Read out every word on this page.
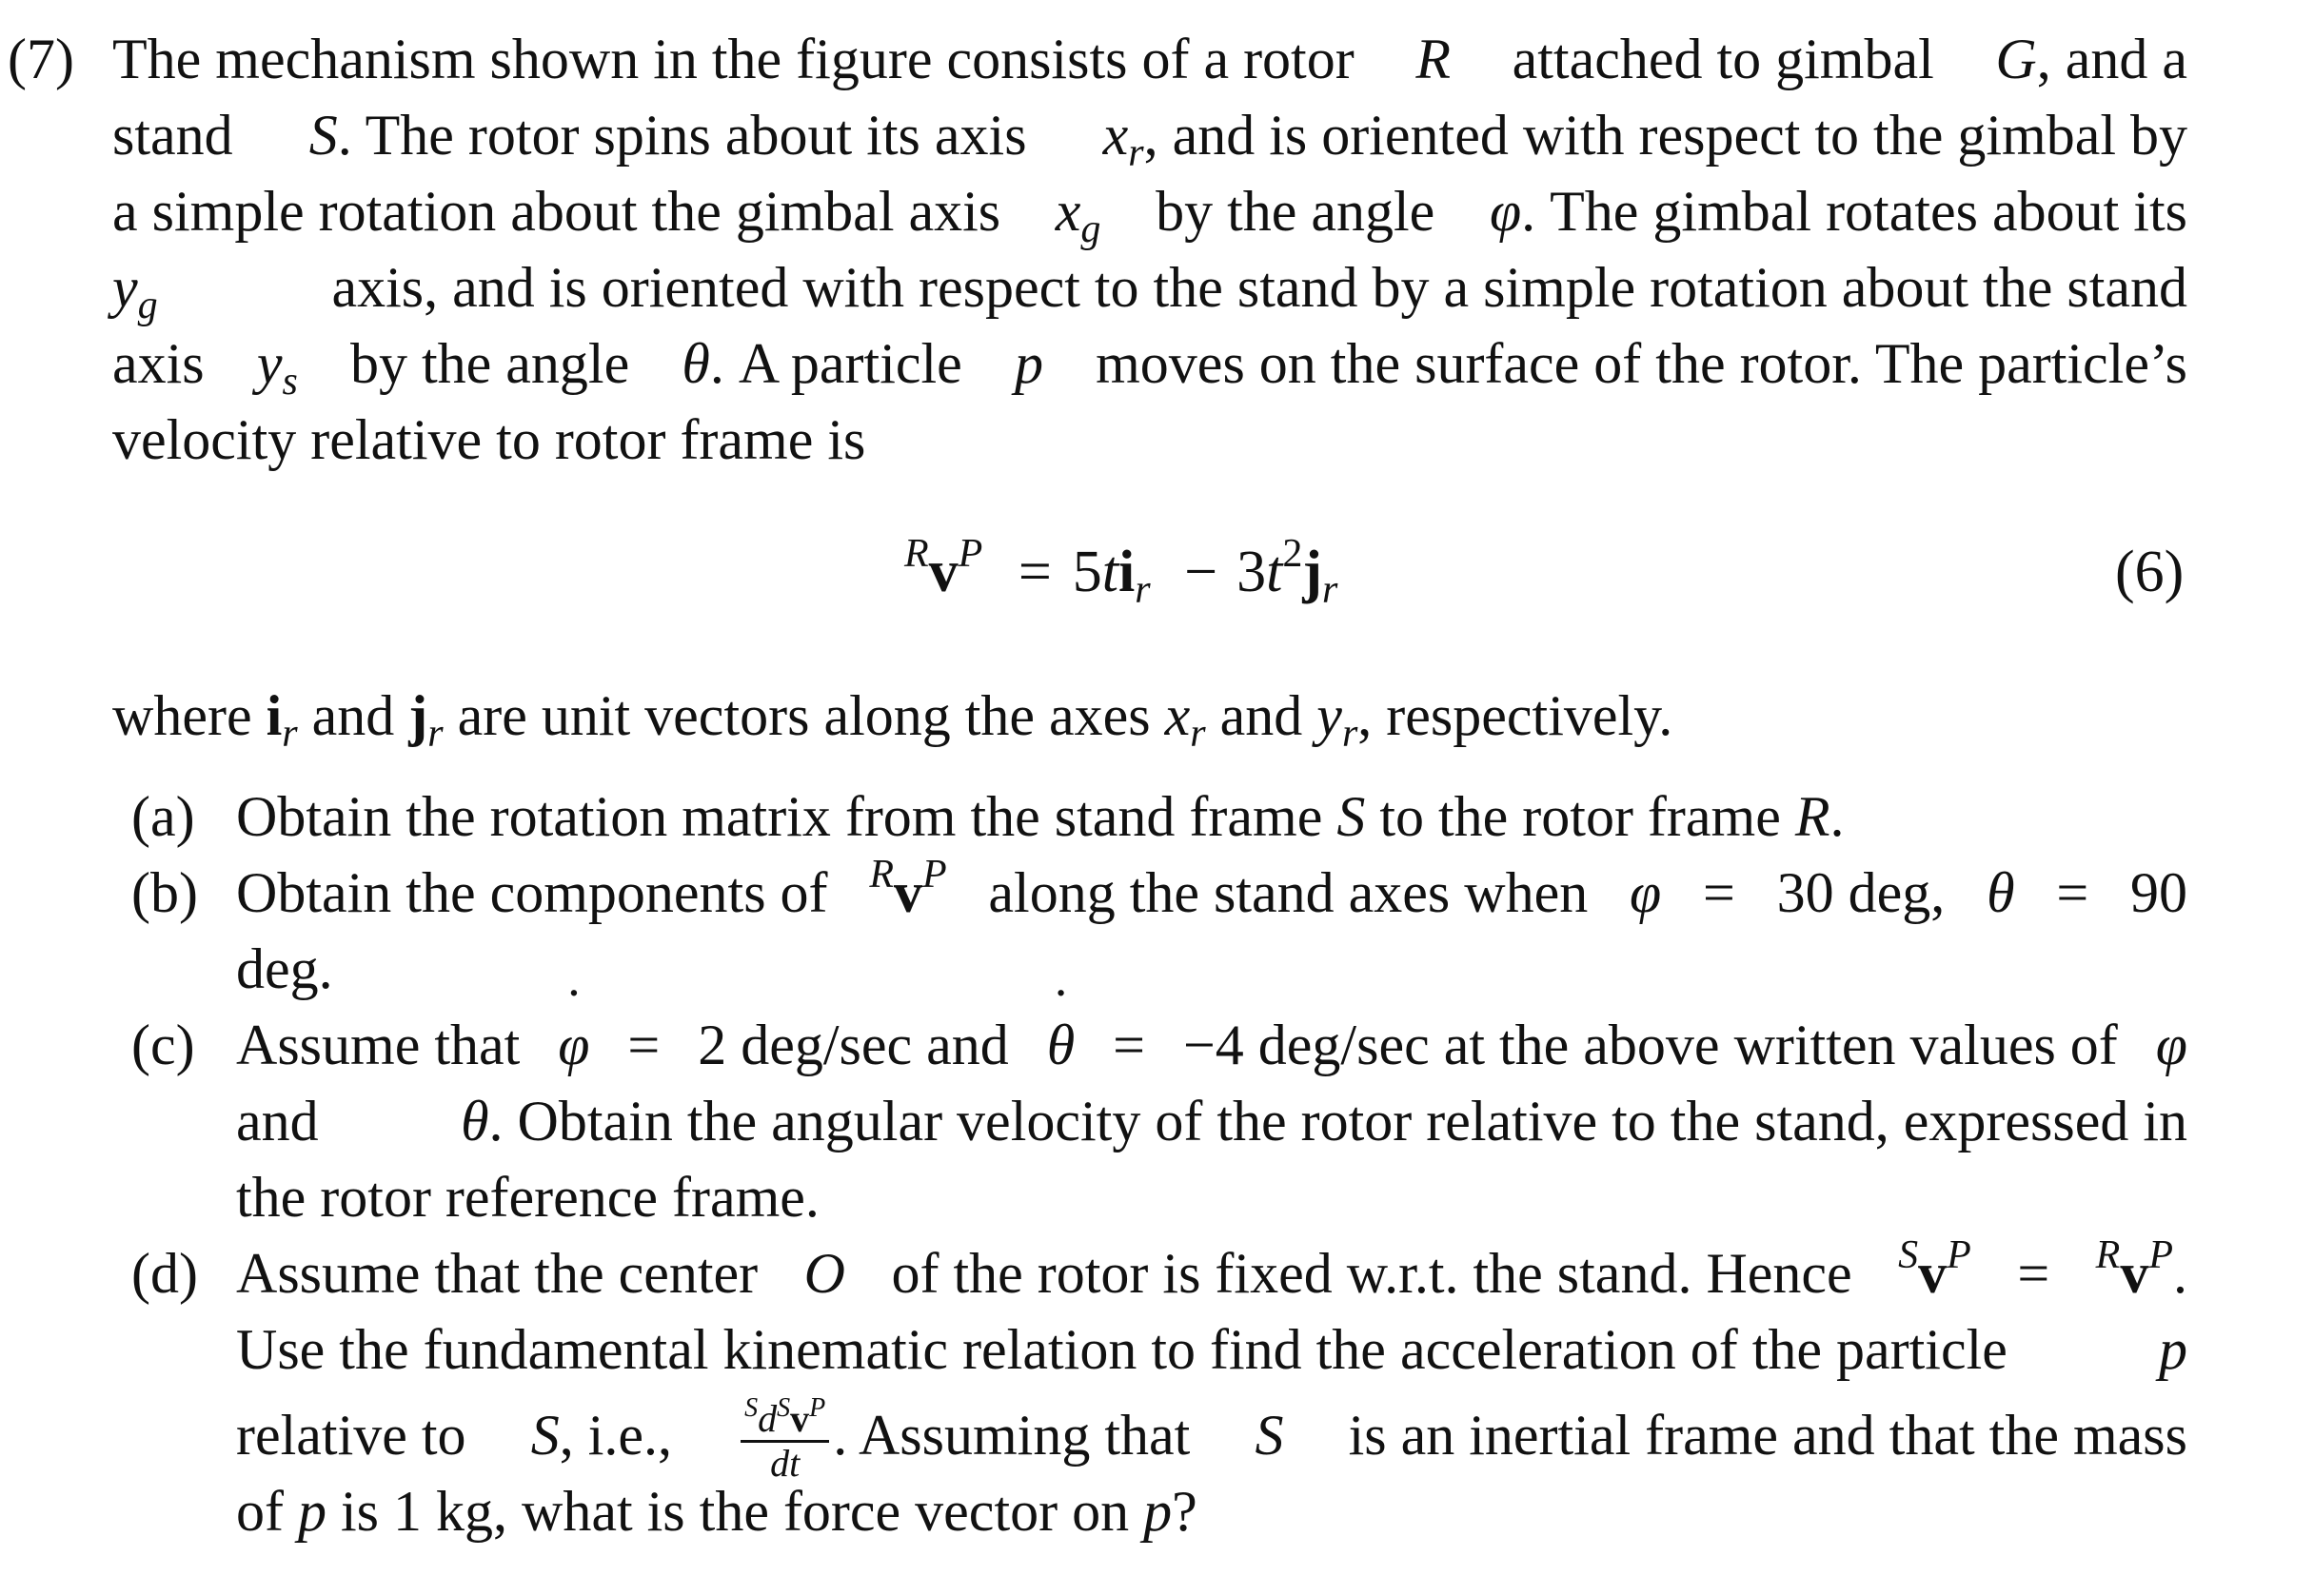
(7) The mechanism shown in the figure consists of a rotor R attached to gimbal G, and a
stand S. The rotor spins about its axis $x_r$, and is oriented with respect to the gimbal by
a simple rotation about the gimbal axis $x_g$ by the angle φ. The gimbal rotates about its
$y_g$	axis, and is oriented with respect to the stand by a simple rotation about the stand
axis $y_s$ by the angle θ. A particle p moves on the surface of the rotor. The particle’s
velocity relative to rotor frame is
$^Rv^P = 5ti_r - 3t^2j_r$	(6)
where $i_r$ and $j_r$ are unit vectors along the axes $x_r$ and $y_r$, respectively.
(a) Obtain the rotation matrix from the stand frame S to the rotor frame R.
(b) Obtain the components of $^Rv^P$ along the stand axes when φ = 30 deg, θ = 90
deg.
(c) Assume that ˙ φ = 2 deg/sec and ˙ θ = −4 deg/sec at the above written values of φ
and θ. Obtain the angular velocity of the rotor relative to the stand, expressed in
the rotor reference frame.
(d) Assume that the center O of the rotor is fixed w.r.t. the stand. Hence $^Sv^P = ^Rv^P$.
Use the fundamental kinematic relation to find the acceleration of the particle	p
relative to S, i.e.,	$\frac{^Sd^Sv^P}{dt}$ . Assuming that S is an inertial frame and that the mass
of p is 1 kg, what is the force vector on p?
